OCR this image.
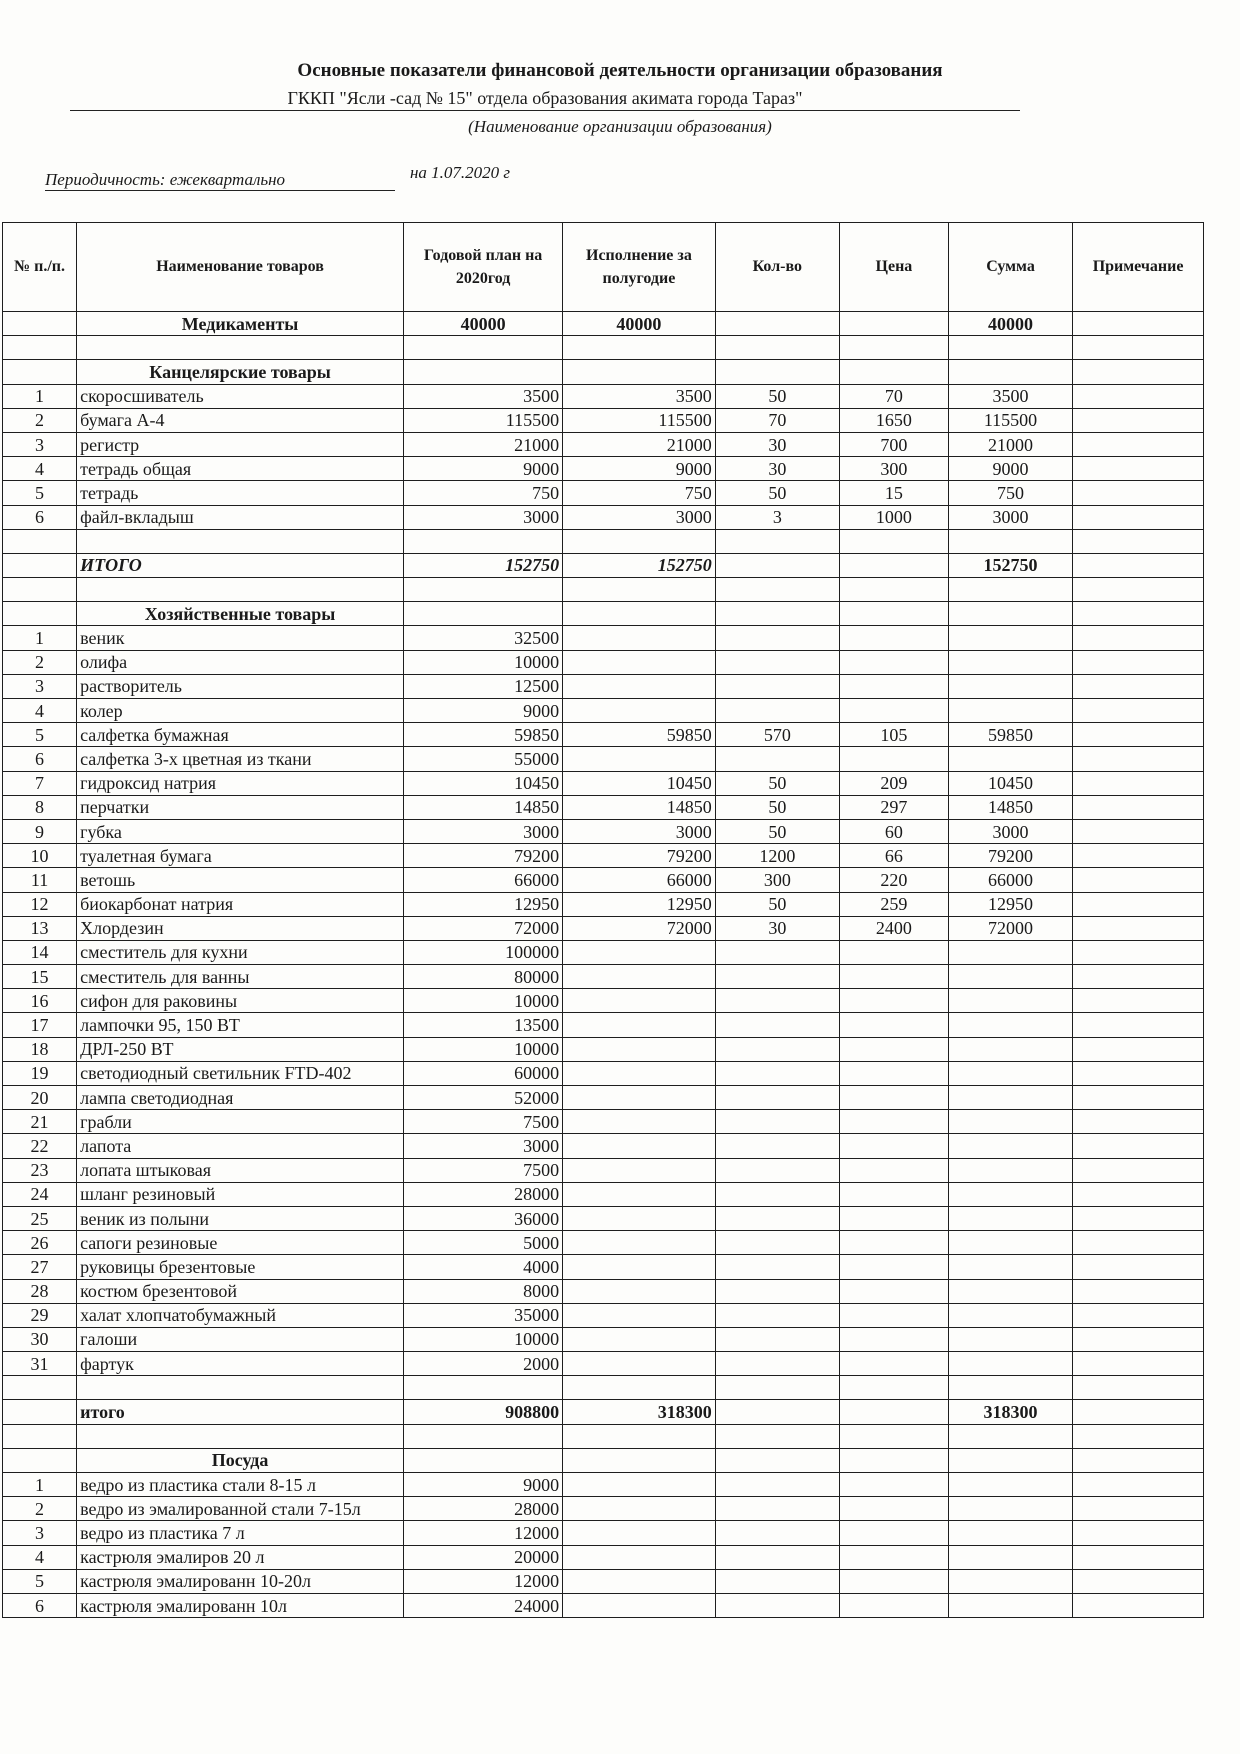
Основные показатели финансовой деятельности организации образования
ГККП "Ясли -сад № 15" отдела образования акимата города Тараз"
(Наименование организации образования)
Периодичность: ежеквартально	на 1.07.2020 г
№ п./п.	Наименование товаров	Годовой план на 2020год	Исполнение за полугодие	Кол-во	Цена	Сумма	Примечание
	Медикаменты	40000	40000			40000	

	Канцелярские товары						
1	скоросшиватель	3500	3500	50	70	3500	
2	бумага А-4	115500	115500	70	1650	115500	
3	регистр	21000	21000	30	700	21000	
4	тетрадь общая	9000	9000	30	300	9000	
5	тетрадь	750	750	50	15	750	
6	файл-вкладыш	3000	3000	3	1000	3000	

	ИТОГО	152750	152750			152750	

	Хозяйственные товары						
1	веник	32500					
2	олифа	10000					
3	растворитель	12500					
4	колер	9000					
5	салфетка бумажная	59850	59850	570	105	59850	
6	салфетка 3-х цветная из ткани	55000					
7	гидроксид натрия	10450	10450	50	209	10450	
8	перчатки	14850	14850	50	297	14850	
9	губка	3000	3000	50	60	3000	
10	туалетная бумага	79200	79200	1200	66	79200	
11	ветошь	66000	66000	300	220	66000	
12	биокарбонат натрия	12950	12950	50	259	12950	
13	Хлордезин	72000	72000	30	2400	72000	
14	сместитель для кухни	100000					
15	сместитель для ванны	80000					
16	сифон для раковины	10000					
17	лампочки 95, 150 ВТ	13500					
18	ДРЛ-250 ВТ	10000					
19	светодиодный светильник FTD-402	60000					
20	лампа светодиодная	52000					
21	грабли	7500					
22	лапота	3000					
23	лопата штыковая	7500					
24	шланг резиновый	28000					
25	веник из полыни	36000					
26	сапоги резиновые	5000					
27	руковицы брезентовые	4000					
28	костюм брезентовой	8000					
29	халат хлопчатобумажный	35000					
30	галоши	10000					
31	фартук	2000					

	итого	908800	318300			318300	

	Посуда						
1	ведро из пластика стали 8-15 л	9000					
2	ведро из эмалированной стали 7-15л	28000					
3	ведро из пластика 7 л	12000					
4	кастрюля эмалиров 20 л	20000					
5	кастрюля эмалированн 10-20л	12000					
6	кастрюля эмалированн 10л	24000					
